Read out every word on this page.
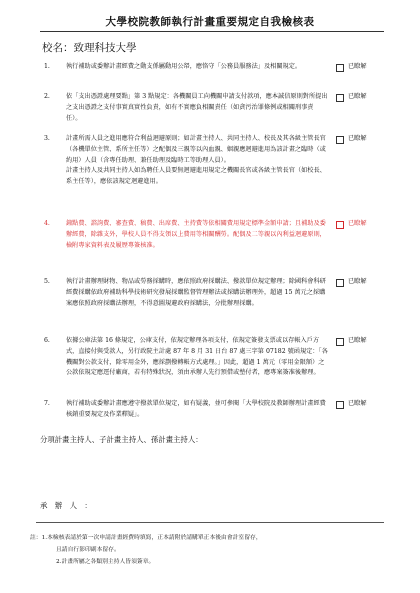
大學校院教師執行計畫重要規定自我檢核表
校名：致理科技大學
1.	執行補助或委辦計畫經費之動支係屬動用公帑，應恪守「公務員服務法」及相關規定。	已瞭解
2.	依「支出憑證處理要點」第 3 點規定：各機關員工向機關申請支付款項，應本誠信原則對所提出之支出憑證之支付事實真實性負責，如有不實應負相關責任（如貪污治罪條例或相關刑事責任）。
已瞭解
3.	計畫所需人員之進用應符合利益迴避原則；如計畫主持人、共同主持人、校長及其各級主管長官（各機單位主管、系所主任等）之配偶及三親等以內血親、姻親應迴避進用為該計畫之臨時（或約用）人員（含專任助理、兼任助理及臨時工等助理人員）。
計畫主持人及共同主持人如為聘任人員要無迴避進用規定之機關長官或各級主管長官（如校長、系主任等），應依該規定迴避進用。
已瞭解
4.	鐘點費、諮詢費、審查費、稿費、出席費、主持費等依相關費用規定標準金額申請；且補助及委辦經費，除雜支外，學校人員不得支領以上費用等相關酬勞。配偶及二等親以內利益迴避原則，檢附專家資料表及履歷專簽核准。
已瞭解
5.	執行計畫辦理財物、物品或勞務採購時，應依照政府採購法、撥款單位規定辦理；除國科會科研經費採購依政府補助科學技術研究發展採購監督管理辦法或採購法辦理外，超過 15 萬元之採購案應依照政府採購法辦理，不得意圖規避政府採購法，分批辦理採購。
已瞭解
6.	依據公庫法第 16 條規定，公庫支付，依規定辦理各項支付，依規定簽發支票或以存帳入戶方式，直接付與受款人，另行政院主計處 87 年 8 月 31 日台 87 處三字第 07182 號函規定：「各機關對公款支付，除零用金外，應採劃撥轉帳方式處理。」因此，超過 1 萬元（零用金限額）之公款依規定應逕付廠商，若有特殊狀況，須由承辦人先行預借或墊付者，應專案簽准後辦理。
已瞭解
7.	執行補助或委辦計畫應遵守撥款單位規定，如有疑義，並可參閱「大學校院及教師辦理計畫經費核銷重要規定及作業釋疑」。
已瞭解
分項計畫主持人、子計畫主持人、孫計畫主持人：
承　辦　人　：
註：1.本檢核表請於第一次申請計畫經費時填寫，正本請附於請購單正本後由會計室留存，
且請自行影印副本留存。
2.計畫所屬之各類別主持人皆須簽章。
